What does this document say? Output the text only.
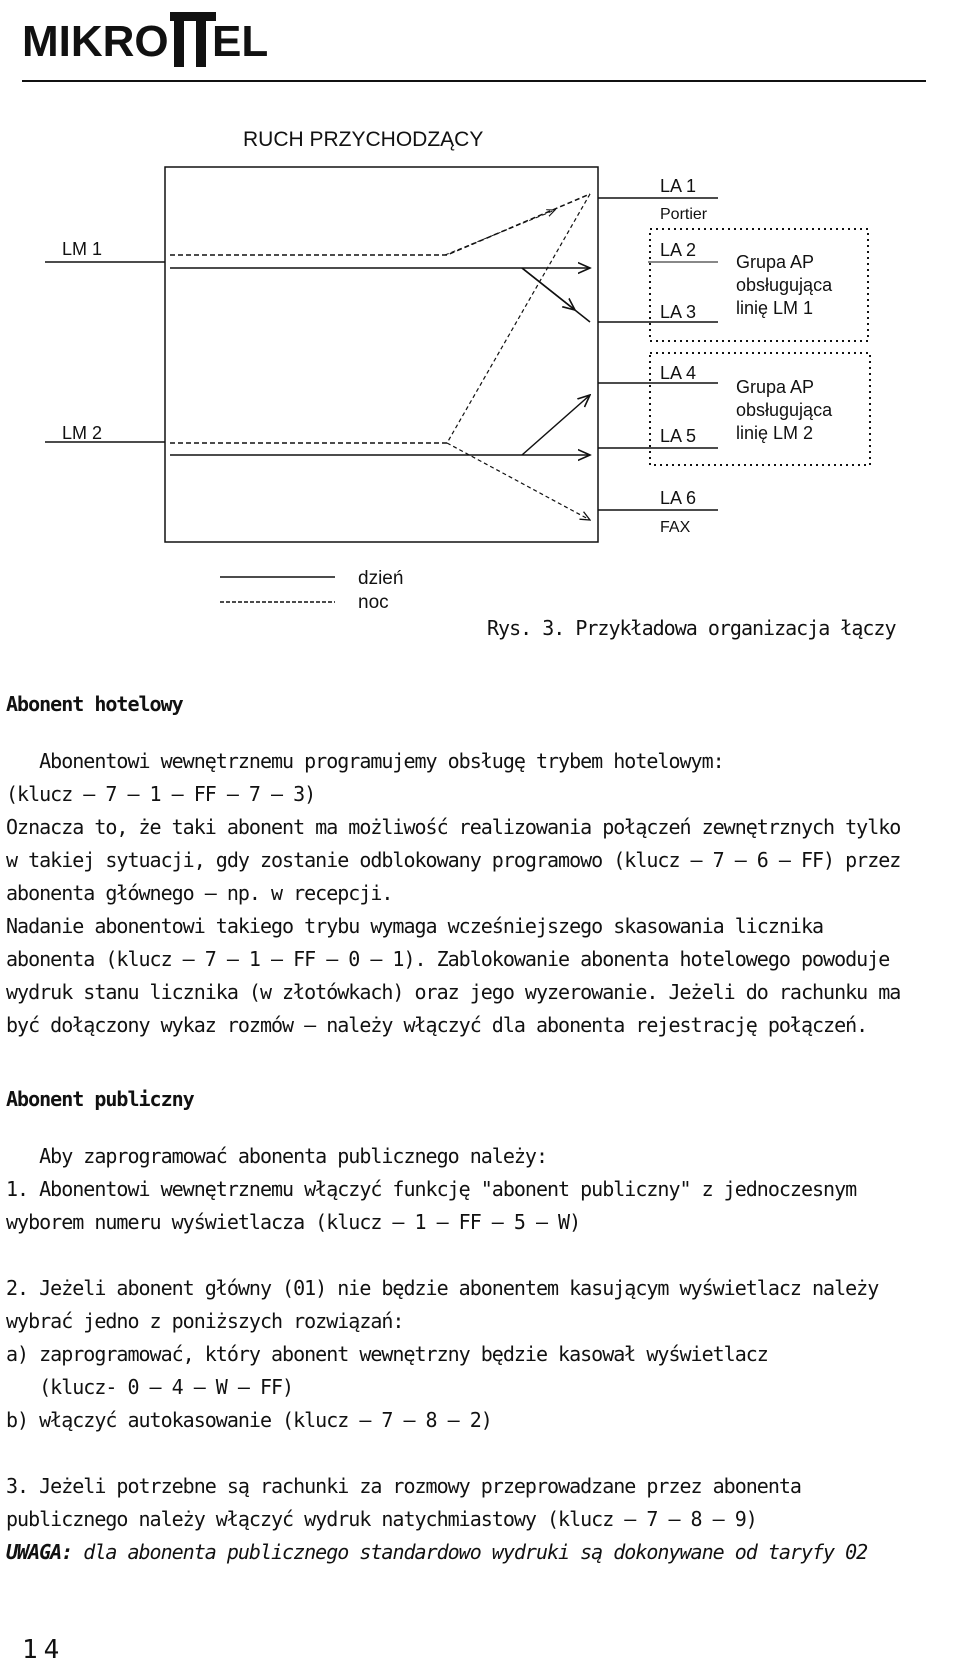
MIKRO EL
RUCH PRZYCHODZĄCY
LM 1
LM 2
LA 1
Portier
LA 2
LA 3
LA 4
LA 5
LA 6
FAX
Grupa AP
obsługująca
linię LM 1
Grupa AP
obsługująca
linię LM 2
dzień
noc
Rys. 3. Przykładowa organizacja łączy

Abonent hotelowy

Abonentowi wewnętrznemu programujemy obsługę trybem hotelowym:

(klucz – 7 – 1 – FF – 7 – 3)

Oznacza to, że taki abonent ma możliwość realizowania połączeń zewnętrznych tylko

w takiej sytuacji, gdy zostanie odblokowany programowo (klucz – 7 – 6 – FF) przez

abonenta głównego – np. w recepcji.

Nadanie abonentowi takiego trybu wymaga wcześniejszego skasowania licznika

abonenta (klucz – 7 – 1 – FF – 0 – 1). Zablokowanie abonenta hotelowego powoduje

wydruk stanu licznika (w złotówkach) oraz jego wyzerowanie. Jeżeli do rachunku ma

być dołączony wykaz rozmów – należy włączyć dla abonenta rejestrację połączeń.

Abonent publiczny

Aby zaprogramować abonenta publicznego należy:

1. Abonentowi wewnętrznemu włączyć funkcję "abonent publiczny" z jednoczesnym

wyborem numeru wyświetlacza (klucz – 1 – FF – 5 – W)

2. Jeżeli abonent główny (01) nie będzie abonentem kasującym wyświetlacz należy

wybrać jedno z poniższych rozwiązań:

a) zaprogramować, który abonent wewnętrzny będzie kasował wyświetlacz

(klucz- 0 – 4 – W – FF)

b) włączyć autokasowanie (klucz – 7 – 8 – 2)

3. Jeżeli potrzebne są rachunki za rozmowy przeprowadzane przez abonenta

publicznego należy włączyć wydruk natychmiastowy (klucz – 7 – 8 – 9)

UWAGA: dla abonenta publicznego standardowo wydruki są dokonywane od taryfy 02

14
